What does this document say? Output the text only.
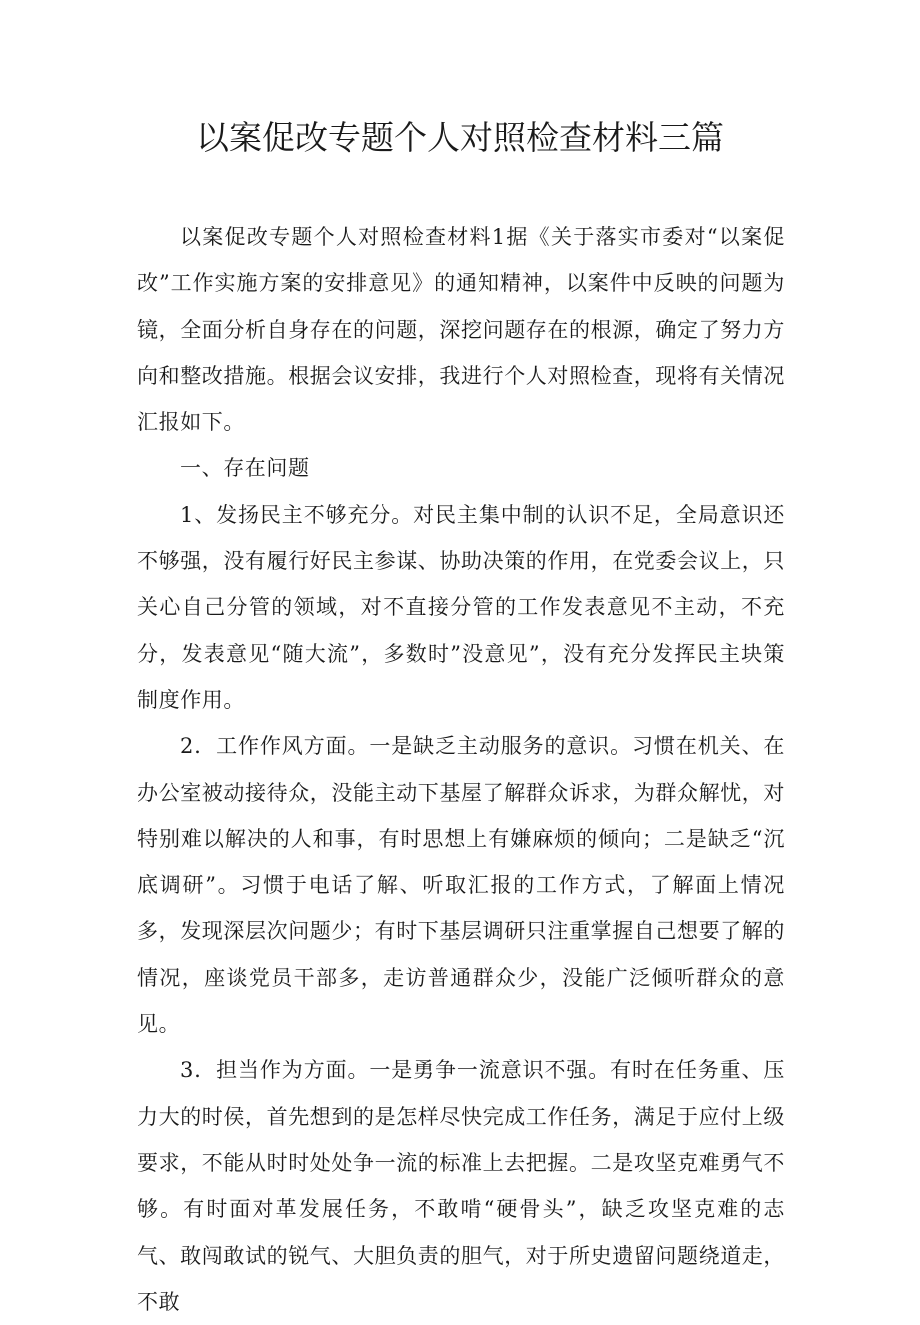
以案促改专题个人对照检查材料三篇

以案促改专题个人对照检查材料1据《关于落实市委对“以案促改”工作实施方案的安排意见》的通知精神，以案件中反映的问题为镜，全面分析自身存在的问题，深挖问题存在的根源，确定了努力方向和整改措施。根据会议安排，我进行个人对照检查，现将有关情况汇报如下。

一、存在问题

1、发扬民主不够充分。对民主集中制的认识不足，全局意识还不够强，没有履行好民主参谋、协助决策的作用，在党委会议上，只关心自己分管的领域，对不直接分管的工作发表意见不主动，不充分，发表意见“随大流”，多数时”没意见”，没有充分发挥民主块策制度作用。

2．工作作风方面。一是缺乏主动服务的意识。习惯在机关、在办公室被动接待众，没能主动下基屋了解群众诉求，为群众解忧，对特别难以解决的人和事，有时思想上有嫌麻烦的倾向；二是缺乏“沉底调研”。习惯于电话了解、听取汇报的工作方式，了解面上情况多，发现深层次问题少；有时下基层调研只注重掌握自己想要了解的情况，座谈党员干部多，走访普通群众少，没能广泛倾听群众的意见。

3．担当作为方面。一是勇争一流意识不强。有时在任务重、压力大的时侯，首先想到的是怎样尽快完成工作任务，满足于应付上级要求，不能从时时处处争一流的标准上去把握。二是攻坚克难勇气不够。有时面对革发展任务，不敢啃“硬骨头”，缺乏攻坚克难的志气、敢闯敢试的锐气、大胆负责的胆气，对于所史遗留问题绕道走，不敢
